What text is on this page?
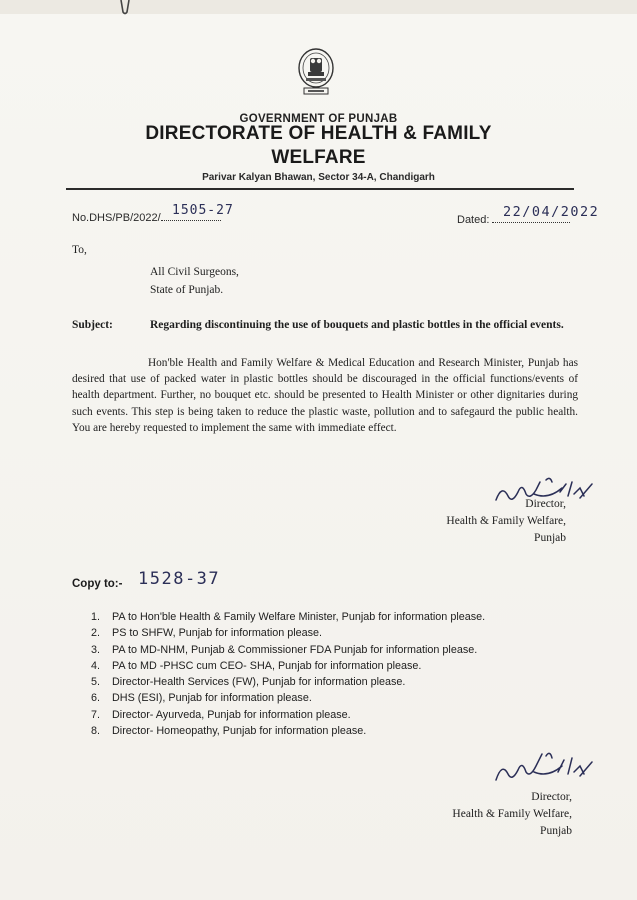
GOVERNMENT OF PUNJAB
DIRECTORATE OF HEALTH & FAMILY
WELFARE
Parivar Kalyan Bhawan, Sector 34-A, Chandigarh
No.DHS/PB/2022/ 1505-27
Dated:	22/04/2022
To,
All Civil Surgeons,
State of Punjab.
Subject:	Regarding discontinuing the use of bouquets and plastic bottles in the official events.
Hon'ble Health and Family Welfare & Medical Education and Research Minister, Punjab has desired that use of packed water in plastic bottles should be discouraged in the official functions/events of health department. Further, no bouquet etc. should be presented to Health Minister or other dignitaries during such events. This step is being taken to reduce the plastic waste, pollution and to safegaurd the public health. You are hereby requested to implement the same with immediate effect.
Director,
Health & Family Welfare,
Punjab
Copy to:- 1528-37
1. PA to Hon'ble Health & Family Welfare Minister, Punjab for information please.
2. PS to SHFW, Punjab for information please.
3. PA to MD-NHM, Punjab & Commissioner FDA Punjab for information please.
4. PA to MD -PHSC cum CEO- SHA, Punjab for information please.
5. Director-Health Services (FW), Punjab for information please.
6. DHS (ESI), Punjab for information please.
7. Director- Ayurveda, Punjab for information please.
8. Director- Homeopathy, Punjab for information please.
Director,
Health & Family Welfare,
Punjab
